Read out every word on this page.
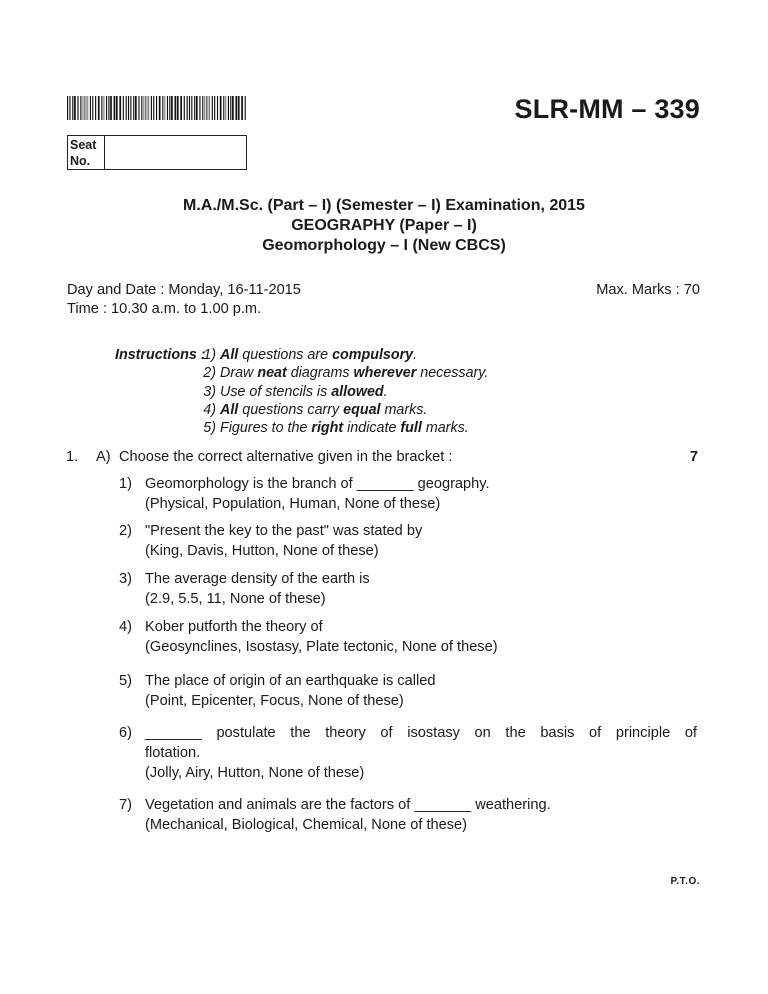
SLR-MM – 339
Seat
No.
M.A./M.Sc. (Part – I) (Semester – I) Examination, 2015
GEOGRAPHY (Paper – I)
Geomorphology – I (New CBCS)
Day and Date : Monday, 16-11-2015
Time : 10.30 a.m. to 1.00 p.m.
Max. Marks : 70
Instructions :
1) All questions are compulsory.
2) Draw neat diagrams wherever necessary.
3) Use of stencils is allowed.
4) All questions carry equal marks.
5) Figures to the right indicate full marks.
1. A) Choose the correct alternative given in the bracket :	7
1) Geomorphology is the branch of _______ geography.
(Physical, Population, Human, None of these)
2) "Present the key to the past" was stated by
(King, Davis, Hutton, None of these)
3) The average density of the earth is
(2.9, 5.5, 11, None of these)
4) Kober putforth the theory of
(Geosynclines, Isostasy, Plate tectonic, None of these)
5) The place of origin of an earthquake is called
(Point, Epicenter, Focus, None of these)
6) _______ postulate the theory of isostasy on the basis of principle of
flotation.
(Jolly, Airy, Hutton, None of these)
7) Vegetation and animals are the factors of _______ weathering.
(Mechanical, Biological, Chemical, None of these)
P.T.O.
